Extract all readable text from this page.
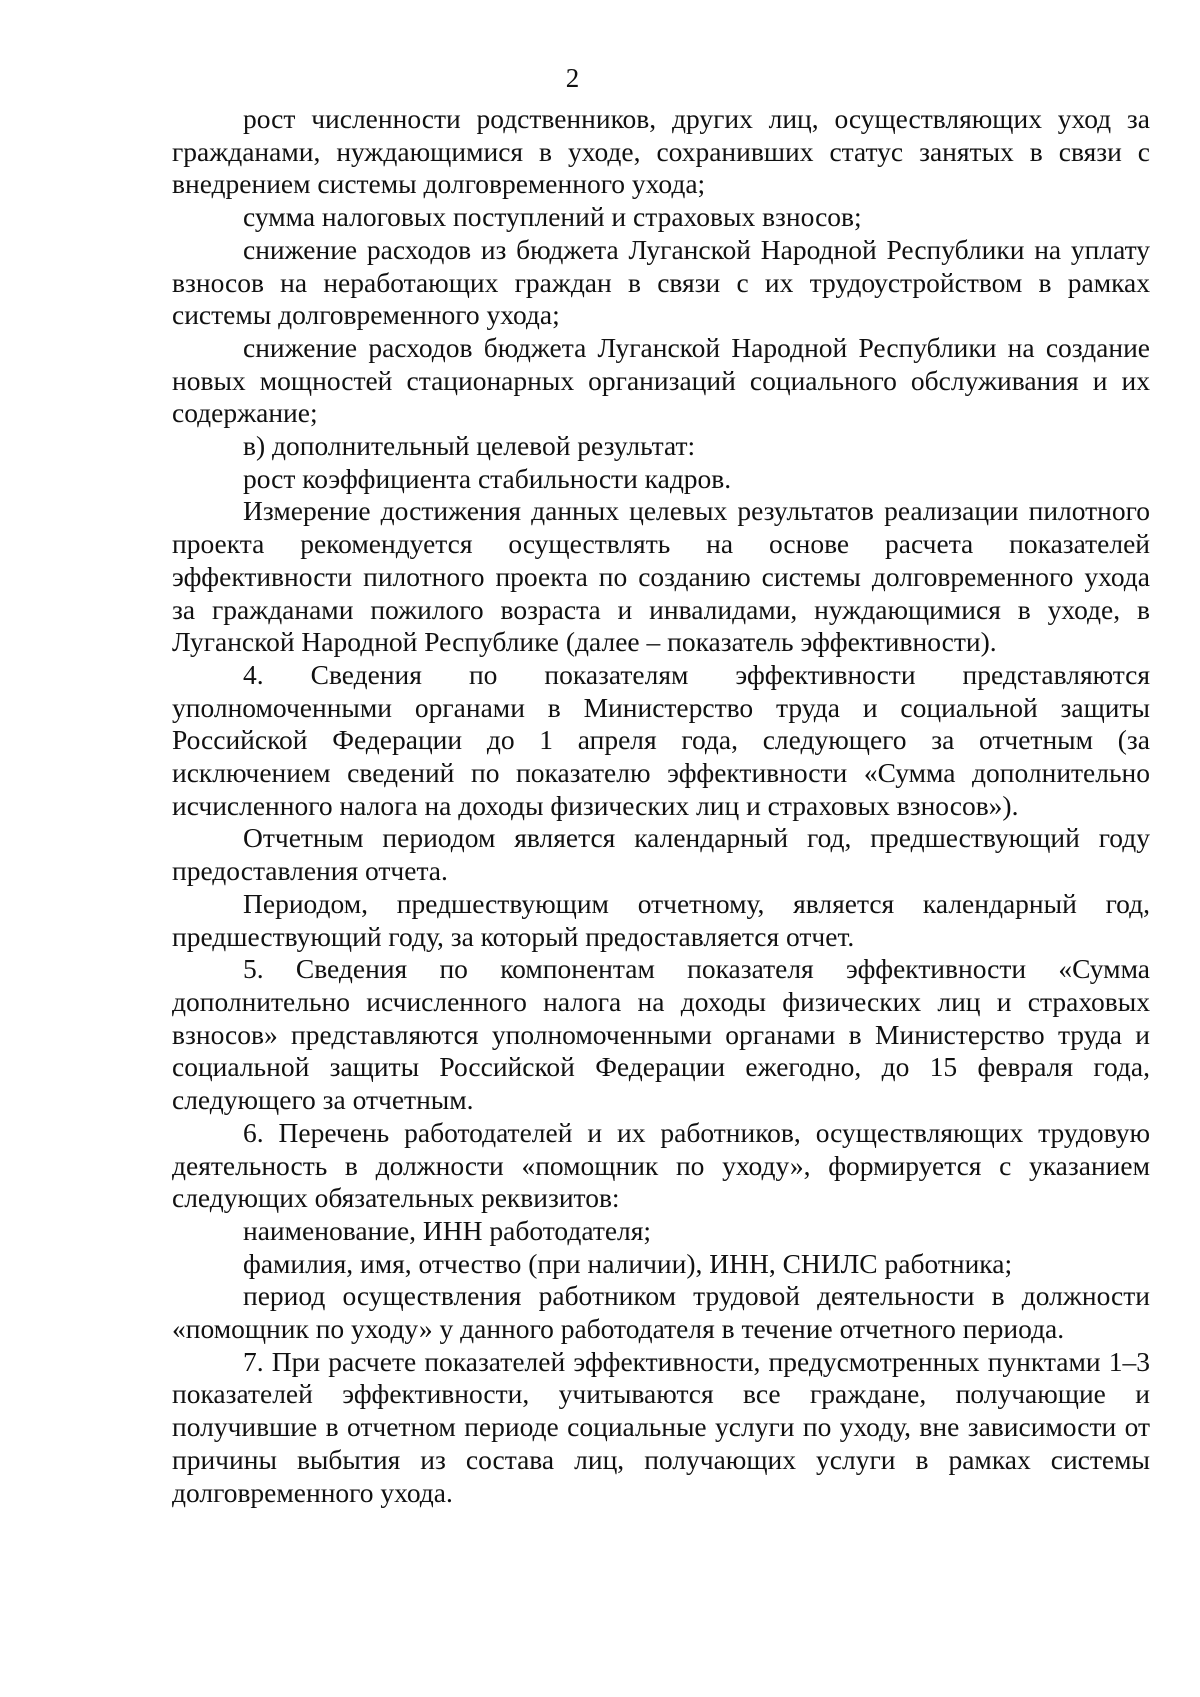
2

рост численности родственников, других лиц, осуществляющих уход за гражданами, нуждающимися в уходе, сохранивших статус занятых в связи с внедрением системы долговременного ухода;

сумма налоговых поступлений и страховых взносов;

снижение расходов из бюджета Луганской Народной Республики на уплату взносов на неработающих граждан в связи с их трудоустройством в рамках системы долговременного ухода;

снижение расходов бюджета Луганской Народной Республики на создание новых мощностей стационарных организаций социального обслуживания и их содержание;

в) дополнительный целевой результат:

рост коэффициента стабильности кадров.

Измерение достижения данных целевых результатов реализации пилотного проекта рекомендуется осуществлять на основе расчета показателей эффективности пилотного проекта по созданию системы долговременного ухода за гражданами пожилого возраста и инвалидами, нуждающимися в уходе, в Луганской Народной Республике (далее – показатель эффективности).

4. Сведения по показателям эффективности представляются уполномоченными органами в Министерство труда и социальной защиты Российской Федерации до 1 апреля года, следующего за отчетным (за исключением сведений по показателю эффективности «Сумма дополнительно исчисленного налога на доходы физических лиц и страховых взносов»).

Отчетным периодом является календарный год, предшествующий году предоставления отчета.

Периодом, предшествующим отчетному, является календарный год, предшествующий году, за который предоставляется отчет.

5. Сведения по компонентам показателя эффективности «Сумма дополнительно исчисленного налога на доходы физических лиц и страховых взносов» представляются уполномоченными органами в Министерство труда и социальной защиты Российской Федерации ежегодно, до 15 февраля года, следующего за отчетным.

6. Перечень работодателей и их работников, осуществляющих трудовую деятельность в должности «помощник по уходу», формируется с указанием следующих обязательных реквизитов:

наименование, ИНН работодателя;

фамилия, имя, отчество (при наличии), ИНН, СНИЛС работника;

период осуществления работником трудовой деятельности в должности «помощник по уходу» у данного работодателя в течение отчетного периода.

7. При расчете показателей эффективности, предусмотренных пунктами 1–3 показателей эффективности, учитываются все граждане, получающие и получившие в отчетном периоде социальные услуги по уходу, вне зависимости от причины выбытия из состава лиц, получающих услуги в рамках системы долговременного ухода.
